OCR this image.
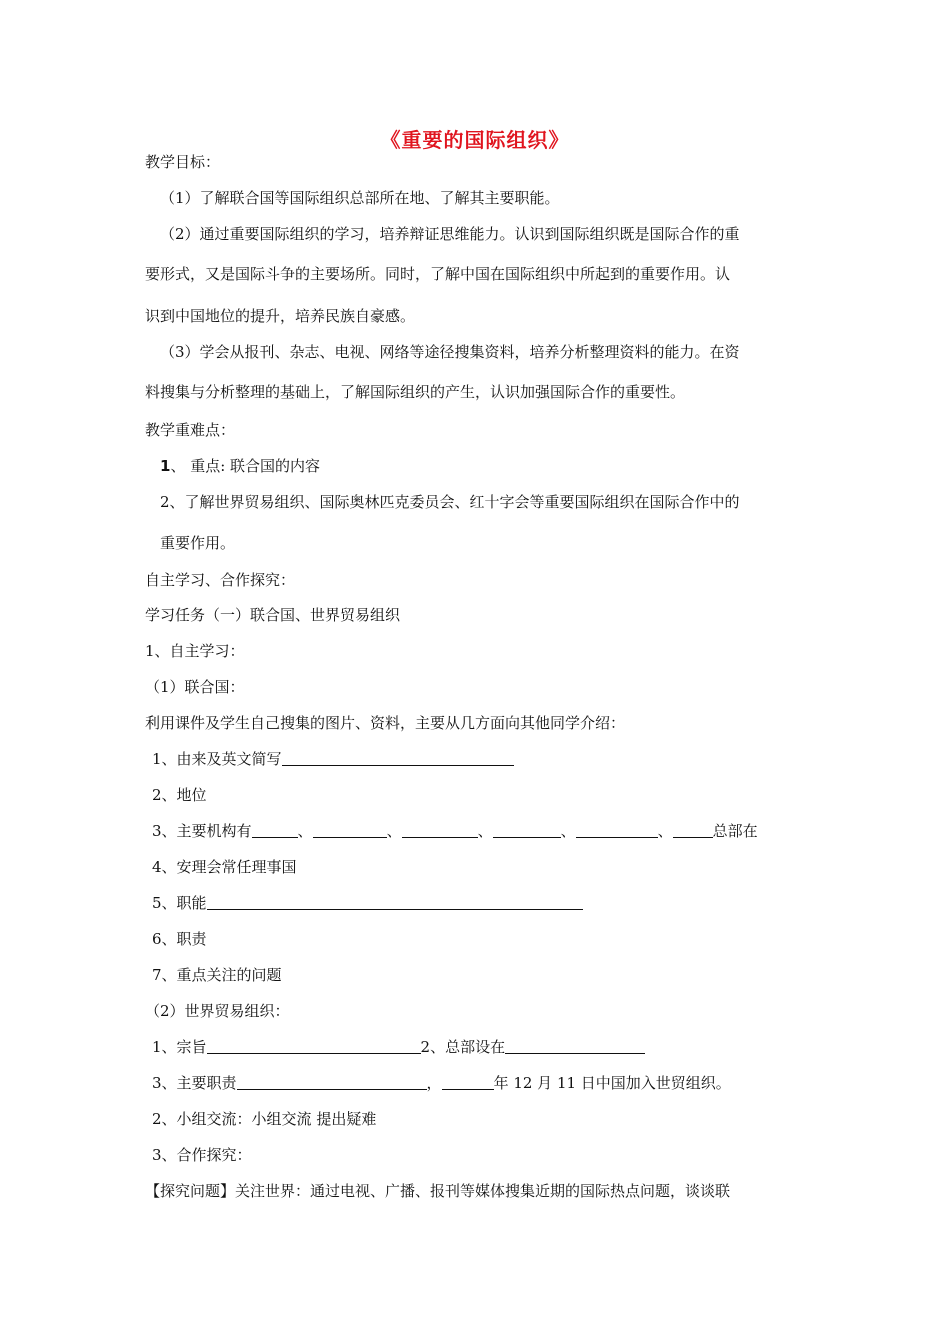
《重要的国际组织》
教学目标：
（1）了解联合国等国际组织总部所在地、了解其主要职能。
（2）通过重要国际组织的学习，培养辩证思维能力。认识到国际组织既是国际合作的重
要形式，又是国际斗争的主要场所。同时，了解中国在国际组织中所起到的重要作用。认
识到中国地位的提升，培养民族自豪感。
（3）学会从报刊、杂志、电视、网络等途径搜集资料，培养分析整理资料的能力。在资
料搜集与分析整理的基础上，了解国际组织的产生，认识加强国际合作的重要性。
教学重难点：
1、 重点: 联合国的内容
2、了解世界贸易组织、国际奥林匹克委员会、红十字会等重要国际组织在国际合作中的
重要作用。
自主学习、合作探究：
学习任务（一）联合国、世界贸易组织
1、自主学习：
（1）联合国：
利用课件及学生自己搜集的图片、资料，主要从几方面向其他同学介绍：
1、由来及英文简写
2、地位
3、主要机构有	、	、	、	、	、	总部在
4、安理会常任理事国
5、职能
6、职责
7、重点关注的问题
（2）世界贸易组织：
1、宗旨	2、总部设在
3、主要职责	，	年 12 月 11 日中国加入世贸组织。
2、小组交流：小组交流 提出疑难
3、合作探究：
【探究问题】关注世界：通过电视、广播、报刊等媒体搜集近期的国际热点问题，谈谈联
